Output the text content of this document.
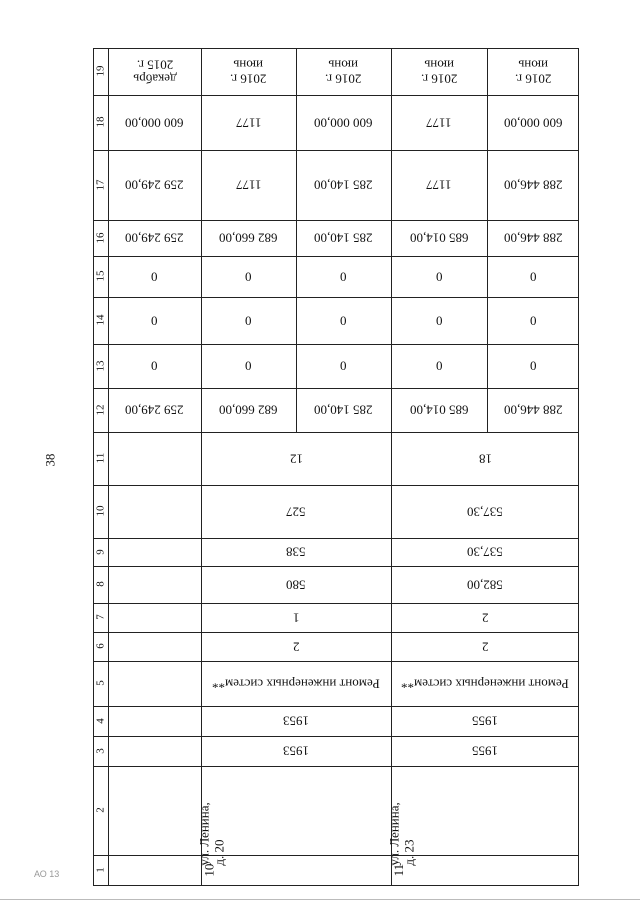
19
18
17
16
15
14
13
12
11
10
9
8
7
6
5
4
3
2
1
декабрь 2015 г.
600 000,00
259 249,00
259 249,00
0
0
0
259 249,00
2016 г.
июнь
1177
1177
682 660,00
0
0
0
682 660,00
2016 г.
июнь
600 000,00
285 140,00
285 140,00
0
0
0
285 140,00
2016 г.
июнь
1177
1177
685 014,00
0
0
0
685 014,00
2016 г.
июнь
600 000,00
288 446,00
288 446,00
0
0
0
288 446,00
12
527
538
580
1
2
Ремонт инженерных систем**
1953
1953
ул. Ленина,
д. 20
10
18
537,30
537,30
582,00
2
2
Ремонт инженерных систем**
1955
1955
ул. Ленина,
д. 23
11
38
АО 13
